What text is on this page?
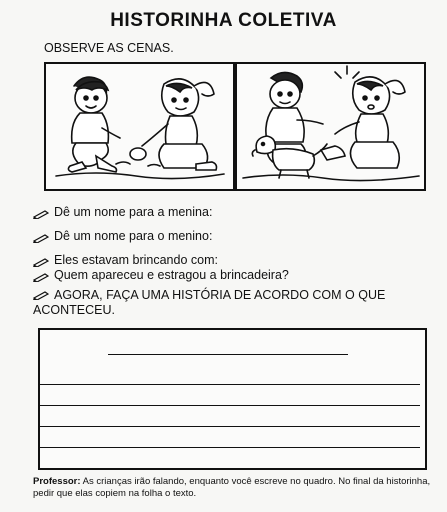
HISTORINHA COLETIVA
OBSERVE AS CENAS.
Dê um nome para a menina:
Dê um nome para o menino:
Eles estavam brincando com:
Quem apareceu e estragou a brincadeira?
AGORA, FAÇA UMA HISTÓRIA DE ACORDO COM O QUE ACONTECEU.
Professor: As crianças irão falando, enquanto você escreve no quadro. No final da historinha, pedir que elas copiem na folha o texto.
